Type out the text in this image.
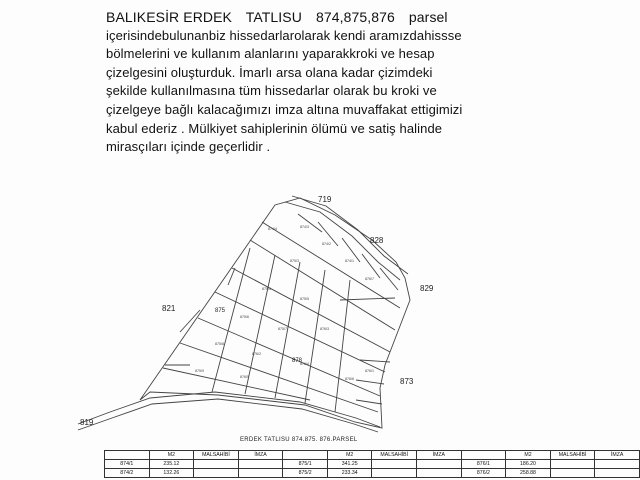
BALIKESİR ERDEK TATLISU 874,875,876 parsel
içerisindebulunanbiz hissedarlarolarak kendi aramızdahissse
bölmelerini ve kullanım alanlarını yaparakkroki ve hesap
çizelgesini oluşturduk. İmarlı arsa olana kadar çizimdeki
şekilde kullanılmasına tüm hissedarlar olarak bu kroki ve
çizelgeye bağlı kalacağımızı imza altına muvaffakat ettigimizi
kabul ederiz . Mülkiyet sahiplerinin ölümü ve satiş halinde
mirasçıları içinde geçerlidir .
874/4	874/3
874/2
874/1
876/7
875/3
875/4
875/5
875/6
875/7	876/3
875/8
876/2
876/4
875/9
876/5	876/6
876/1
719
828
829
821
873
875
878
819
ERDEK TATLISU 874.875. 876.PARSEL
	M2	MALSAHİBİ	İMZA		M2	MALSAHİBİ	İMZA		M2	MALSAHİBİ	İMZA
874/1	235.12			875/1	341.25			876/1	186.20		
874/2	132.26			875/2	233.34			876/2	258.88		
